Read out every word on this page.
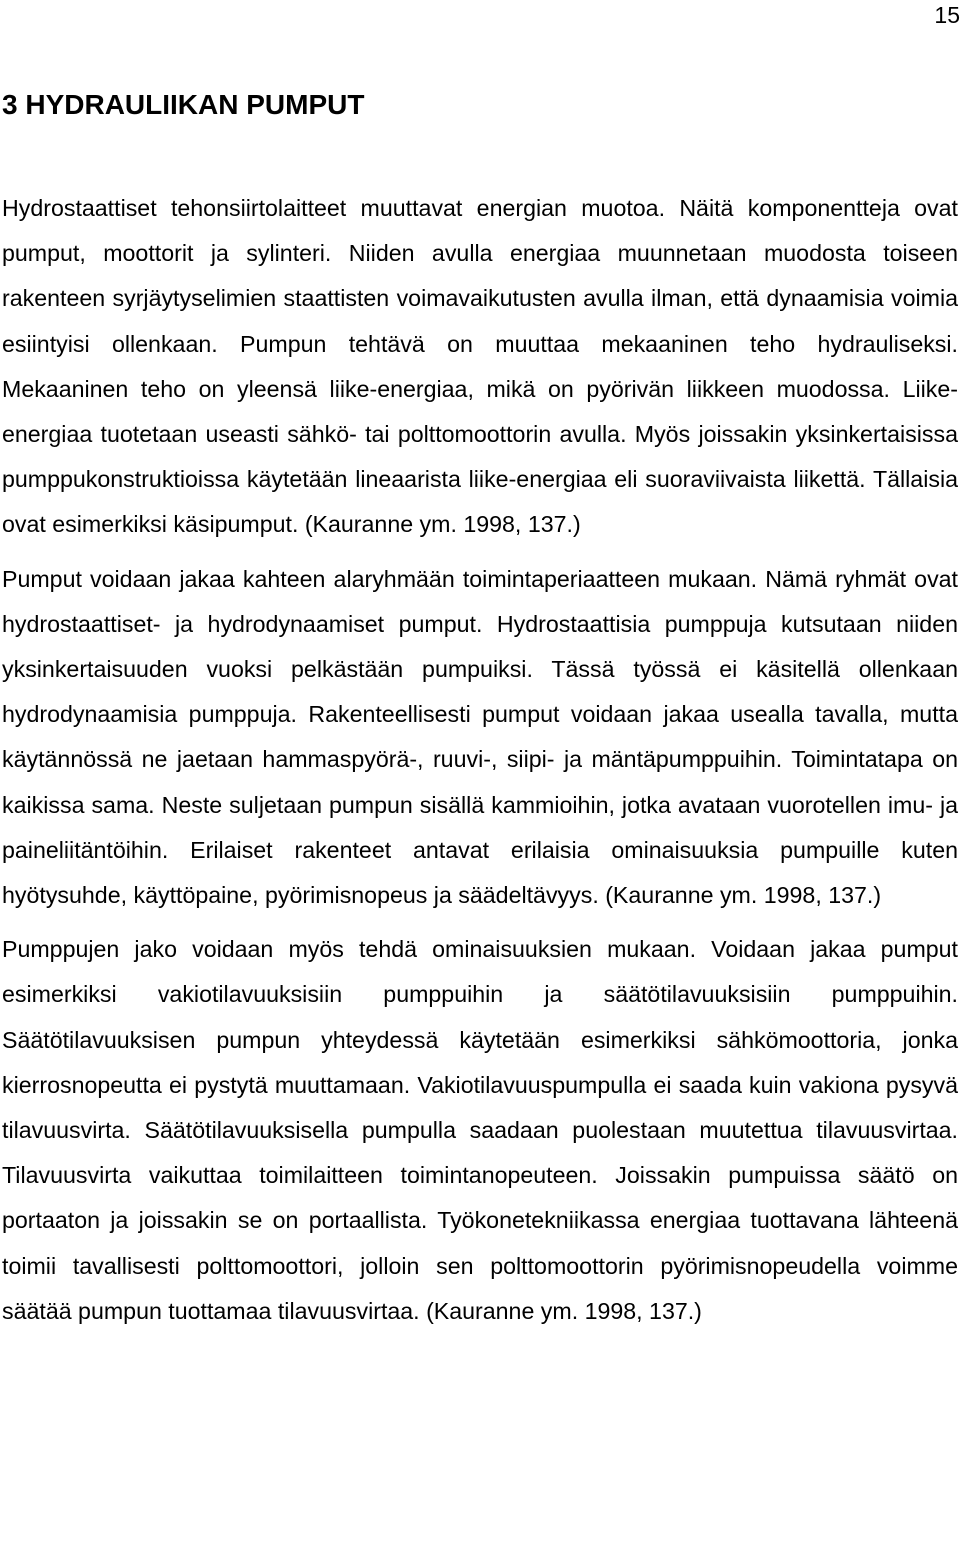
15
3 HYDRAULIIKAN PUMPUT

Hydrostaattiset tehonsiirtolaitteet muuttavat energian muotoa. Näitä komponentteja ovat pumput, moottorit ja sylinteri. Niiden avulla energiaa muunnetaan muodosta toiseen rakenteen syrjäytyselimien staattisten voimavaikutusten avulla ilman, että dynaamisia voimia esiintyisi ollenkaan. Pumpun tehtävä on muuttaa mekaaninen teho hydrauliseksi. Mekaaninen teho on yleensä liike-energiaa, mikä on pyörivän liikkeen muodossa. Liike-energiaa tuotetaan useasti sähkö- tai polttomoottorin avulla. Myös joissakin yksinkertaisissa pumppukonstruktioissa käytetään lineaarista liike-energiaa eli suoraviivaista liikettä. Tällaisia ovat esimerkiksi käsipumput. (Kauranne ym. 1998, 137.)

Pumput voidaan jakaa kahteen alaryhmään toimintaperiaatteen mukaan. Nämä ryhmät ovat hydrostaattiset- ja hydrodynaamiset pumput. Hydrostaattisia pumppuja kutsutaan niiden yksinkertaisuuden vuoksi pelkästään pumpuiksi. Tässä työssä ei käsitellä ollenkaan hydrodynaamisia pumppuja. Rakenteellisesti pumput voidaan jakaa usealla tavalla, mutta käytännössä ne jaetaan hammaspyörä-, ruuvi-, siipi- ja mäntäpumppuihin. Toimintatapa on kaikissa sama. Neste suljetaan pumpun sisällä kammioihin, jotka avataan vuorotellen imu- ja paineliitäntöihin. Erilaiset rakenteet antavat erilaisia ominaisuuksia pumpuille kuten hyötysuhde, käyttöpaine, pyörimisnopeus ja säädeltävyys. (Kauranne ym. 1998, 137.)

Pumppujen jako voidaan myös tehdä ominaisuuksien mukaan. Voidaan jakaa pumput esimerkiksi vakiotilavuuksisiin pumppuihin ja säätötilavuuksisiin pumppuihin. Säätötilavuuksisen pumpun yhteydessä käytetään esimerkiksi sähkömoottoria, jonka kierrosnopeutta ei pystytä muuttamaan. Vakiotilavuuspumpulla ei saada kuin vakiona pysyvä tilavuusvirta. Säätötilavuuksisella pumpulla saadaan puolestaan muutettua tilavuusvirtaa. Tilavuusvirta vaikuttaa toimilaitteen toimintanopeuteen. Joissakin pumpuissa säätö on portaaton ja joissakin se on portaallista. Työkonetekniikassa energiaa tuottavana lähteenä toimii tavallisesti polttomoottori, jolloin sen polttomoottorin pyörimisnopeudella voimme säätää pumpun tuottamaa tilavuusvirtaa. (Kauranne ym. 1998, 137.)
